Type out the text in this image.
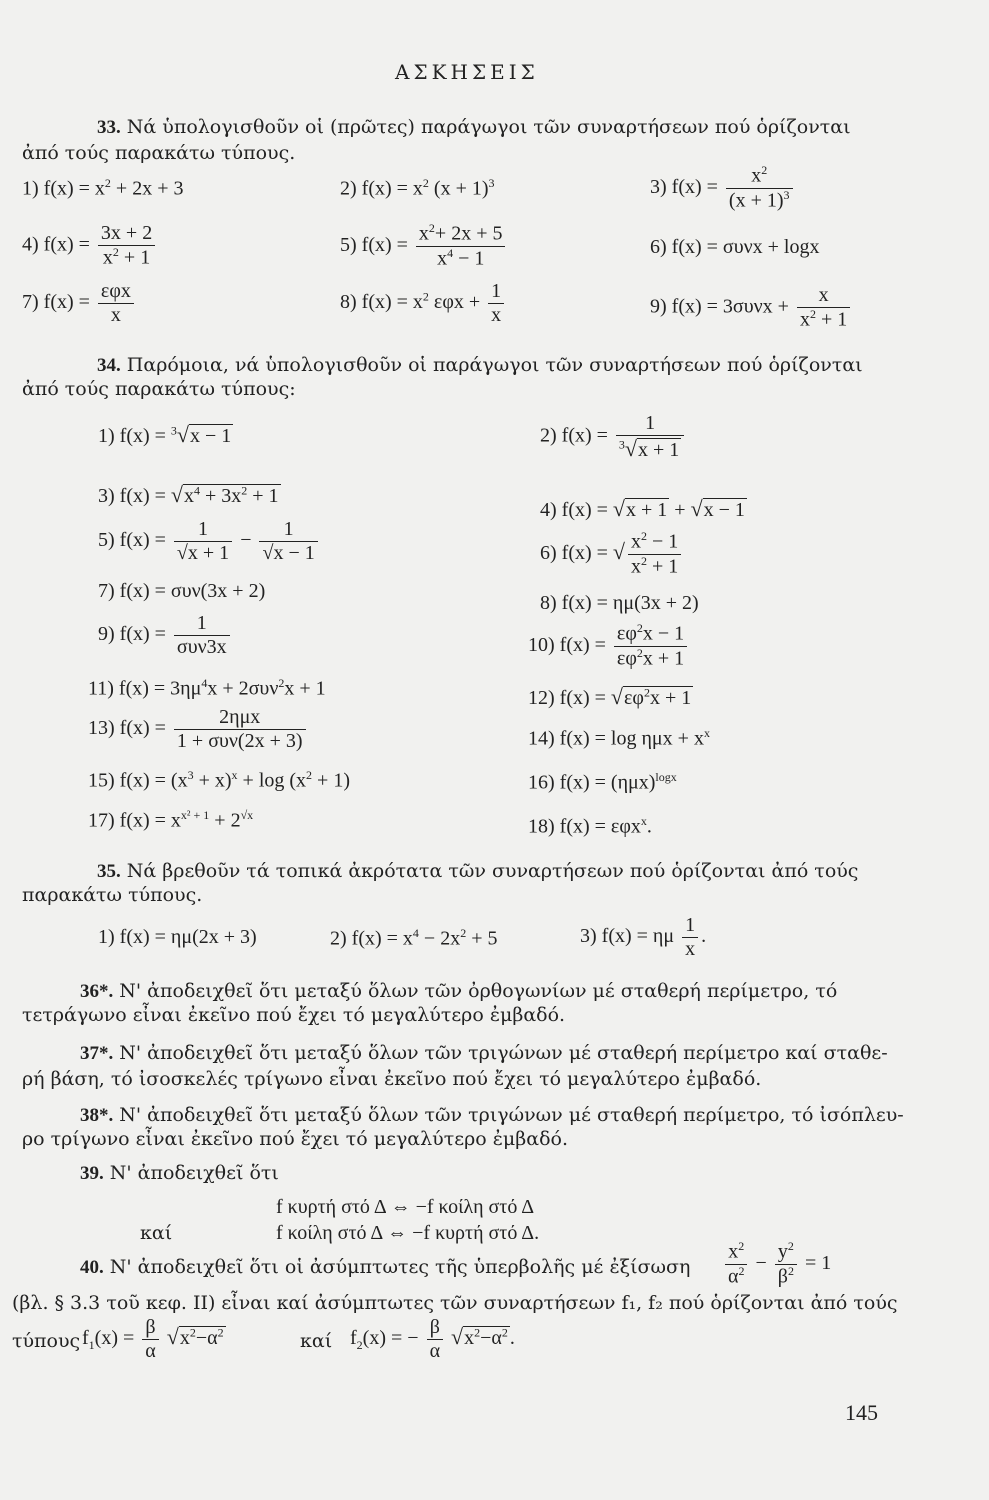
ΑΣΚΗΣΕΙΣ
33. Νά ὑπολογισθοῦν οἱ (πρῶτες) παράγωγοι τῶν συναρτήσεων πού ὁρίζονται
ἀπό τούς παρακάτω τύπους.
1) $f(x) = x^2 + 2x + 3$	2) $f(x) = x^2$ $(x + 1)^3$	3) $f(x) = \frac{x^2}{(x + 1)^3}$
4) $f(x) = \frac{3x + 2}{x^2 + 1}$	5) $f(x) = \frac{x^2+ 2x + 5}{x^4 - 1}$	6) f(x) = συνx + logx
7) $f(x) = \frac{\text{εφx}}{x}$	8) $f(x) = x^2$ $\varepsilon\varphi x + \frac{1}{x}$	9) $f(x) = 3\sigma\upsilon\nu x + \frac{x}{x^2 + 1}$
34. Παρόμοια, νά ὑπολογισθοῦν οἱ παράγωγοι τῶν συναρτήσεων πού ὁρίζονται
ἀπό τούς παρακάτω τύπους:
1) f(x) = $^3$√x − 1	2) $f(x) = \frac{1}{^3√x + 1}$
3) $f(x) = √x^4 + 3x^2 + 1$
4) f(x) = √x + 1 + √x − 1
5) $f(x) = \frac{1}{√x + 1} - \frac{1}{√x - 1}$	6) f(x) = √ $\frac{x^2 - 1}{x^2 + 1}$
7) f(x) = συν(3x + 2)
8) f(x) = ημ(3x + 2)
9) $f(x) = \frac{1}{\text{συν3x}}$	10) $f(x) = \frac{\varepsilon\varphi^2x - 1}{\varepsilon\varphi^2x + 1}$
11) $f(x) = 3\eta\mu^4x + 2\sigma\upsilon\nu^2x + 1$	12) $f(x) = √\varepsilon\varphi^2x + 1$
13) $f(x) = \frac{\text{2ημx}}{\text{1 + συν(2x + 3)}}$	14) $f(x) = \log \eta\mu x + x^x$
15) $f(x) = (x^3 + x)^x + \log (x^2 + 1)$	16) $f(x) = (\eta\mu x)^{logx}$
17) $f(x) = x^{x^2 + 1} + 2^{√x}$
18) f(x) = εφx$^x$.
35. Νά βρεθοῦν τά τοπικά ἀκρότατα τῶν συναρτήσεων πού ὁρίζονται ἀπό τούς
παρακάτω τύπους.
1) f(x) = ημ(2x + 3)	2) $f(x) = x^4 - 2x^2 + 5$	3) f(x) = ημ $\frac{1}{x}$ .
36*. Ν' ἀποδειχθεῖ ὅτι μεταξύ ὅλων τῶν ὀρθογωνίων μέ σταθερή περίμετρο, τό
τετράγωνο εἶναι ἐκεῖνο πού ἔχει τό μεγαλύτερο ἐμβαδό.
37*. Ν' ἀποδειχθεῖ ὅτι μεταξύ ὅλων τῶν τριγώνων μέ σταθερή περίμετρο καί σταθε-
ρή βάση, τό ἰσοσκελές τρίγωνο εἶναι ἐκεῖνο πού ἔχει τό μεγαλύτερο ἐμβαδό.
38*. Ν' ἀποδειχθεῖ ὅτι μεταξύ ὅλων τῶν τριγώνων μέ σταθερή περίμετρο, τό ἰσόπλευ-
ρο τρίγωνο εἶναι ἐκεῖνο πού ἔχει τό μεγαλύτερο ἐμβαδό.
39. Ν' ἀποδειχθεῖ ὅτι
f κυρτή στό Δ ⇔ −f κοίλη στό Δ
καί	f κοίλη στό Δ ⇔ −f κυρτή στό Δ.
40. Ν' ἀποδειχθεῖ ὅτι οἱ ἀσύμπτωτες τῆς ὑπερβολῆς μέ ἐξίσωση $\frac{x^2}{\alpha^2} - \frac{y^2}{\beta^2} = 1$
(βλ. § 3.3 τοῦ κεφ. ΙΙ) εἶναι καί ἀσύμπτωτες τῶν συναρτήσεων f₁, f₂ πού ὁρίζονται ἀπό τούς
τύπους $f_1(x) = \frac{\beta}{\alpha} √x^2-\alpha^2$	καί $f_2(x)$ = − $\frac{\beta}{\alpha} √x^2-\alpha^2$ .
145
